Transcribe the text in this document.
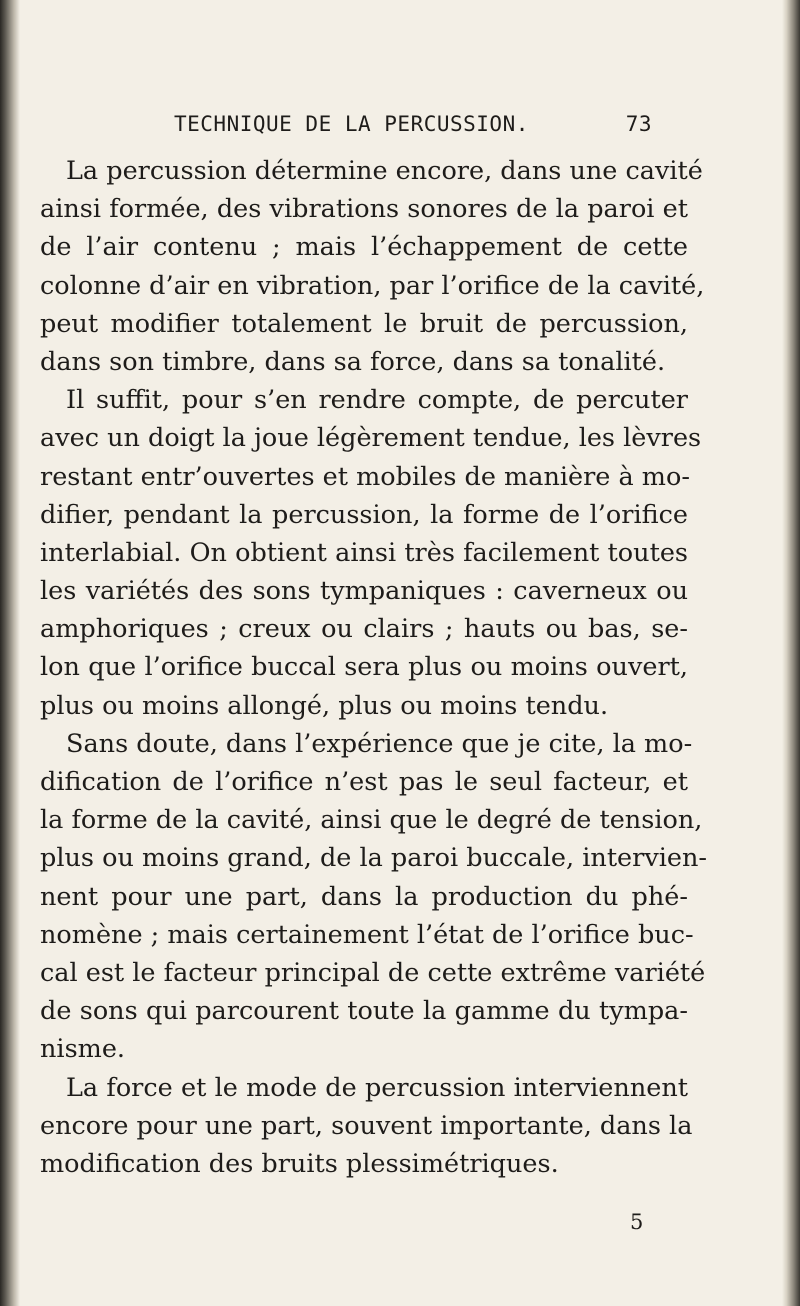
TECHNIQUE DE LA PERCUSSION.	73
La percussion détermine encore, dans une cavité
ainsi formée, des vibrations sonores de la paroi et
de l’air contenu ; mais l’échappement de cette
colonne d’air en vibration, par l’orifice de la cavité,
peut modifier totalement le bruit de percussion,
dans son timbre, dans sa force, dans sa tonalité.
Il suffit, pour s’en rendre compte, de percuter
avec un doigt la joue légèrement tendue, les lèvres
restant entr’ouvertes et mobiles de manière à mo-
difier, pendant la percussion, la forme de l’orifice
interlabial. On obtient ainsi très facilement toutes
les variétés des sons tympaniques : caverneux ou
amphoriques ; creux ou clairs ; hauts ou bas, se-
lon que l’orifice buccal sera plus ou moins ouvert,
plus ou moins allongé, plus ou moins tendu.
Sans doute, dans l’expérience que je cite, la mo-
dification de l’orifice n’est pas le seul facteur, et
la forme de la cavité, ainsi que le degré de tension,
plus ou moins grand, de la paroi buccale, intervien-
nent pour une part, dans la production du phé-
nomène ; mais certainement l’état de l’orifice buc-
cal est le facteur principal de cette extrême variété
de sons qui parcourent toute la gamme du tympa-
nisme.
La force et le mode de percussion interviennent
encore pour une part, souvent importante, dans la
modification des bruits plessimétriques.
5
